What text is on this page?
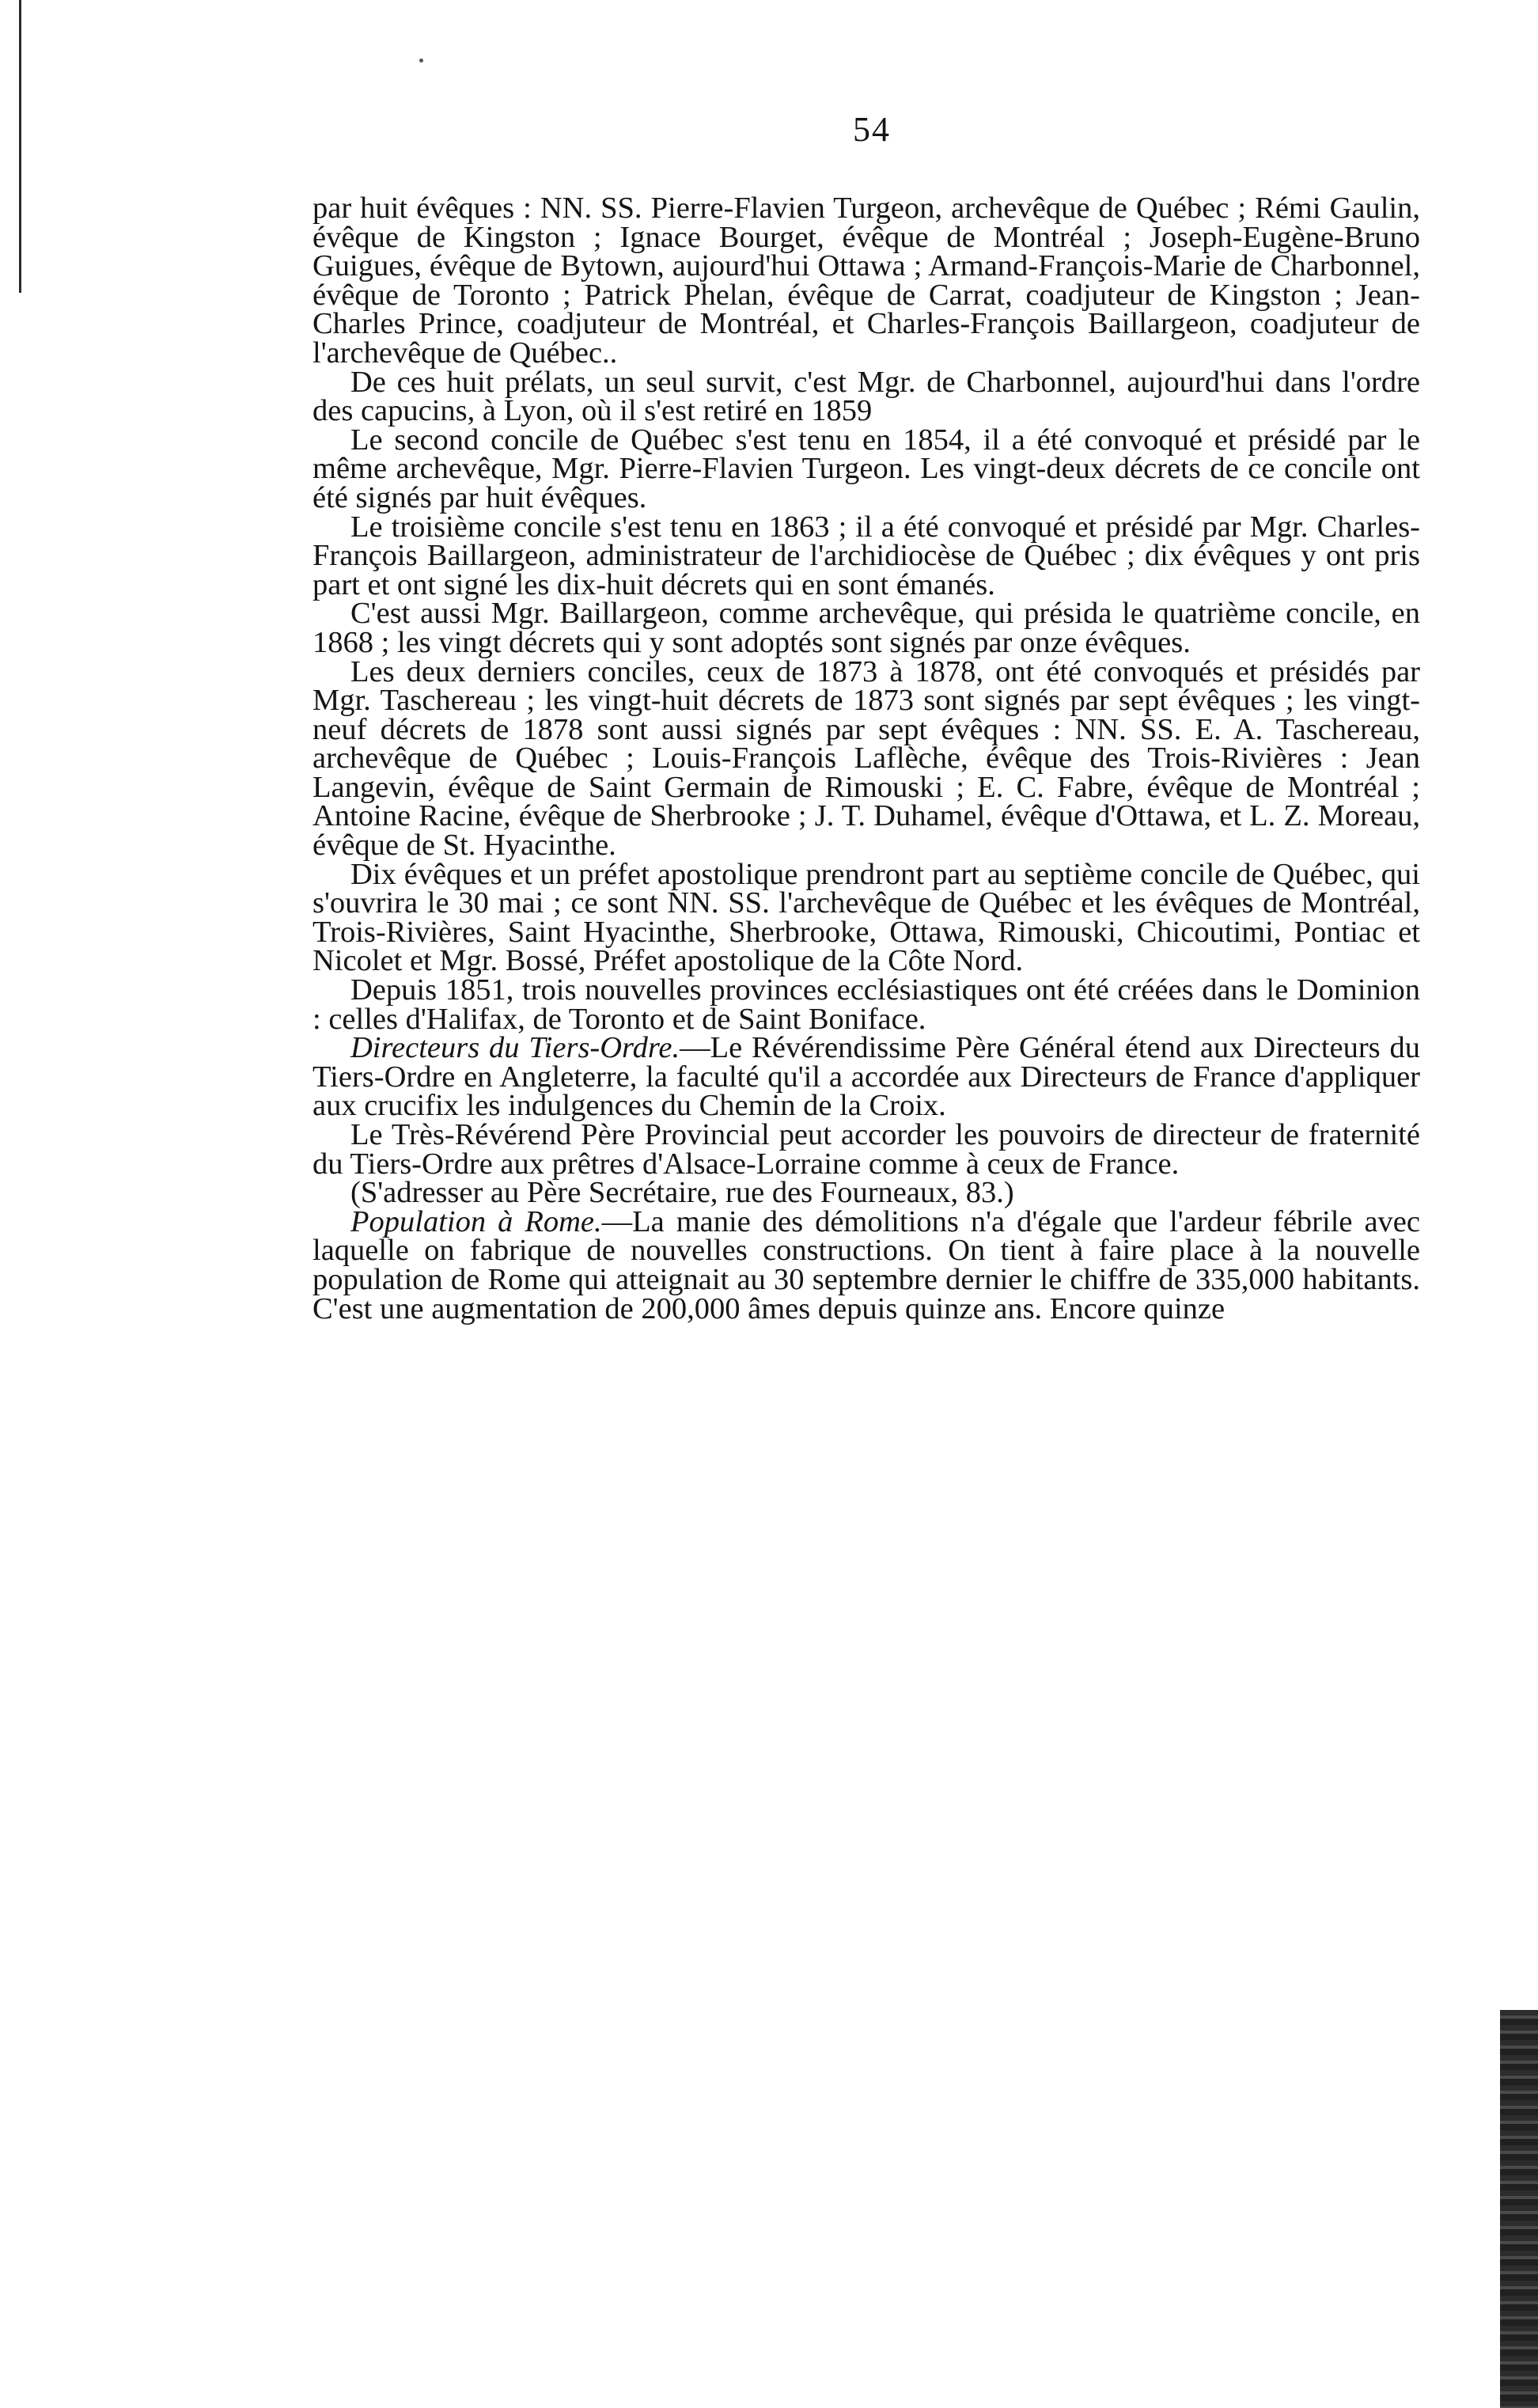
54

par huit évêques : NN. SS. Pierre-Flavien Turgeon, archevêque de Québec ; Rémi Gaulin, évêque de Kingston ; Ignace Bourget, évêque de Montréal ; Joseph-Eugène-Bruno Guigues, évêque de Bytown, aujourd'hui Ottawa ; Armand-François-Marie de Charbonnel, évêque de Toronto ; Patrick Phelan, évêque de Carrat, coadjuteur de Kingston ; Jean-Charles Prince, coadjuteur de Montréal, et Charles-François Baillargeon, coadjuteur de l'archevêque de Québec..

De ces huit prélats, un seul survit, c'est Mgr. de Charbonnel, aujourd'hui dans l'ordre des capucins, à Lyon, où il s'est retiré en 1859

Le second concile de Québec s'est tenu en 1854, il a été convoqué et présidé par le même archevêque, Mgr. Pierre-Flavien Turgeon. Les vingt-deux décrets de ce concile ont été signés par huit évêques.

Le troisième concile s'est tenu en 1863 ; il a été convoqué et présidé par Mgr. Charles-François Baillargeon, administrateur de l'archidiocèse de Québec ; dix évêques y ont pris part et ont signé les dix-huit décrets qui en sont émanés.

C'est aussi Mgr. Baillargeon, comme archevêque, qui présida le quatrième concile, en 1868 ; les vingt décrets qui y sont adoptés sont signés par onze évêques.

Les deux derniers conciles, ceux de 1873 à 1878, ont été convoqués et présidés par Mgr. Taschereau ; les vingt-huit décrets de 1873 sont signés par sept évêques ; les vingt-neuf décrets de 1878 sont aussi signés par sept évêques : NN. SS. E. A. Taschereau, archevêque de Québec ; Louis-François Laflèche, évêque des Trois-Rivières : Jean Langevin, évêque de Saint Germain de Rimouski ; E. C. Fabre, évêque de Montréal ; Antoine Racine, évêque de Sherbrooke ; J. T. Duhamel, évêque d'Ottawa, et L. Z. Moreau, évêque de St. Hyacinthe.

Dix évêques et un préfet apostolique prendront part au septième concile de Québec, qui s'ouvrira le 30 mai ; ce sont NN. SS. l'archevêque de Québec et les évêques de Montréal, Trois-Rivières, Saint Hyacinthe, Sherbrooke, Ottawa, Rimouski, Chicoutimi, Pontiac et Nicolet et Mgr. Bossé, Préfet apostolique de la Côte Nord.

Depuis 1851, trois nouvelles provinces ecclésiastiques ont été créées dans le Dominion : celles d'Halifax, de Toronto et de Saint Boniface.

Directeurs du Tiers-Ordre.—Le Révérendissime Père Général étend aux Directeurs du Tiers-Ordre en Angleterre, la faculté qu'il a accordée aux Directeurs de France d'appliquer aux crucifix les indulgences du Chemin de la Croix.

Le Très-Révérend Père Provincial peut accorder les pouvoirs de directeur de fraternité du Tiers-Ordre aux prêtres d'Alsace-Lorraine comme à ceux de France.

(S'adresser au Père Secrétaire, rue des Fourneaux, 83.)

Population à Rome.—La manie des démolitions n'a d'égale que l'ardeur fébrile avec laquelle on fabrique de nouvelles constructions. On tient à faire place à la nouvelle population de Rome qui atteignait au 30 septembre dernier le chiffre de 335,000 habitants. C'est une augmentation de 200,000 âmes depuis quinze ans. Encore quinze
